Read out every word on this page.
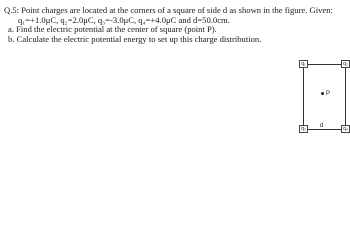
Q.5: Point charges are located at the corners of a square of side d as shown in the figure. Given:
q₁=+1.0μC, q₂=2.0μC, q₃=-3.0μC, q₄=+4.0μC and d=50.0cm.
a. Find the electric potential at the center of square (point P).
b. Calculate the electric potential energy to set up this charge distribution.
q₁	q₂
q₃	q₄
P
d
